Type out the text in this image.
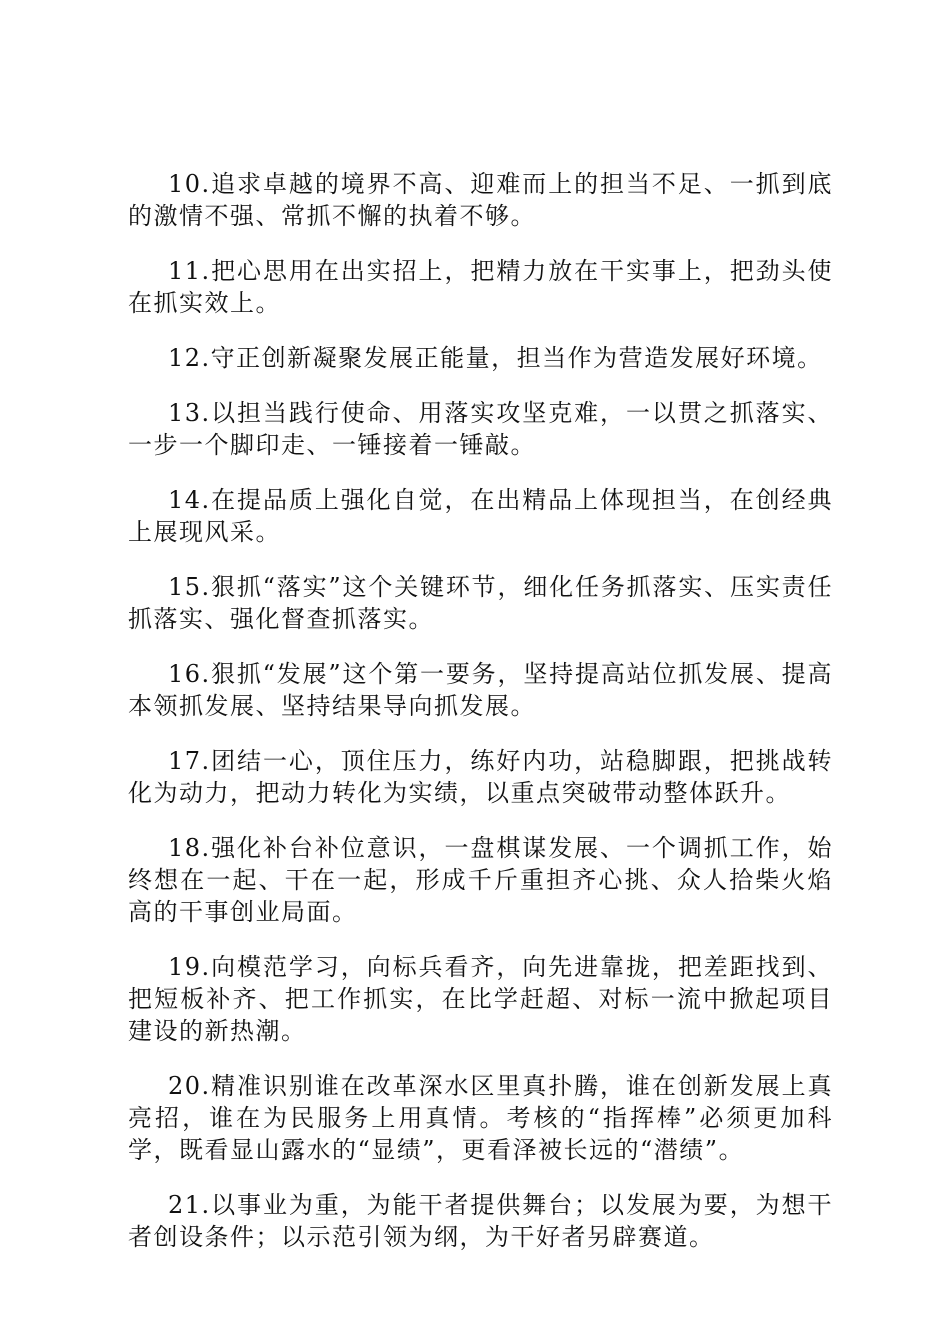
10.追求卓越的境界不高、迎难而上的担当不足、一抓到底的激情不强、常抓不懈的执着不够。

11.把心思用在出实招上，把精力放在干实事上，把劲头使在抓实效上。

12.守正创新凝聚发展正能量，担当作为营造发展好环境。

13.以担当践行使命、用落实攻坚克难，一以贯之抓落实、一步一个脚印走、一锤接着一锤敲。

14.在提品质上强化自觉，在出精品上体现担当，在创经典上展现风采。

15.狠抓“落实”这个关键环节，细化任务抓落实、压实责任抓落实、强化督查抓落实。

16.狠抓“发展”这个第一要务，坚持提高站位抓发展、提高本领抓发展、坚持结果导向抓发展。

17.团结一心，顶住压力，练好内功，站稳脚跟，把挑战转化为动力，把动力转化为实绩，以重点突破带动整体跃升。

18.强化补台补位意识，一盘棋谋发展、一个调抓工作，始终想在一起、干在一起，形成千斤重担齐心挑、众人拾柴火焰高的干事创业局面。

19.向模范学习，向标兵看齐，向先进靠拢，把差距找到、把短板补齐、把工作抓实，在比学赶超、对标一流中掀起项目建设的新热潮。

20.精准识别谁在改革深水区里真扑腾，谁在创新发展上真亮招，谁在为民服务上用真情。考核的“指挥棒”必须更加科学，既看显山露水的“显绩”，更看泽被长远的“潜绩”。

21.以事业为重，为能干者提供舞台；以发展为要，为想干者创设条件；以示范引领为纲，为干好者另辟赛道。
